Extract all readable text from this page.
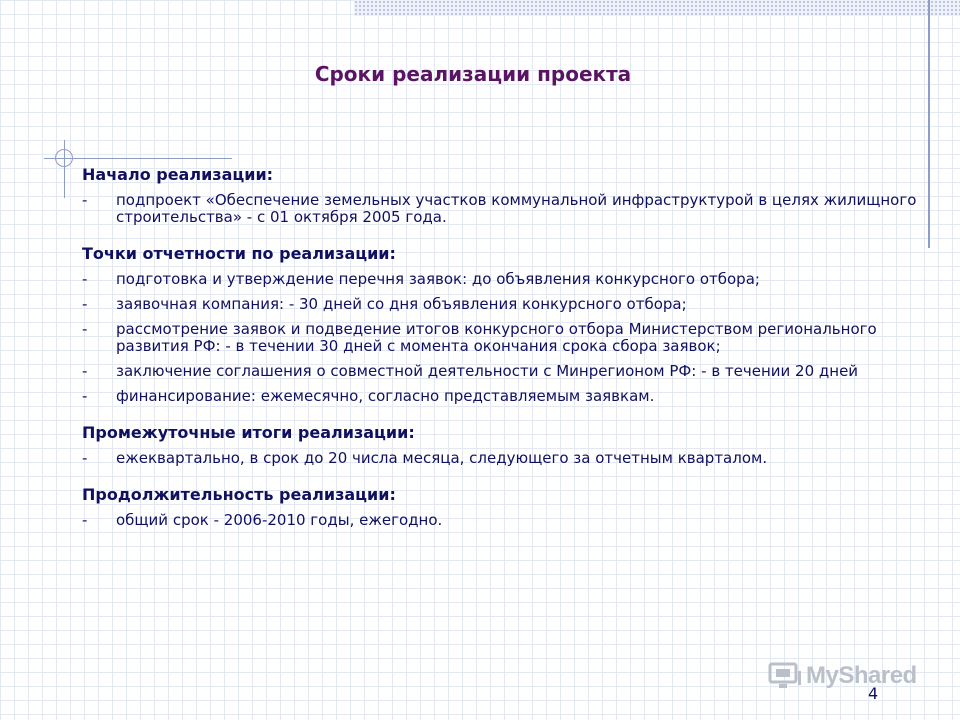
Сроки реализации проекта
Начало реализации:
- подпроект «Обеспечение земельных участков коммунальной инфраструктурой в целях жилищного строительства» - с 01 октября 2005 года.
Точки отчетности по реализации:
- подготовка и утверждение перечня заявок: до объявления конкурсного отбора;
- заявочная компания: - 30 дней со дня объявления конкурсного отбора;
- рассмотрение заявок и подведение итогов конкурсного отбора Министерством регионального развития РФ: - в течении 30 дней с момента окончания срока сбора заявок;
- заключение соглашения о совместной деятельности с Минрегионом РФ: - в течении 20 дней
- финансирование: ежемесячно, согласно представляемым заявкам.
Промежуточные итоги реализации:
- ежеквартально, в срок до 20 числа месяца, следующего за отчетным кварталом.
Продолжительность реализации:
- общий срок - 2006-2010 годы, ежегодно.
MyShared
4
